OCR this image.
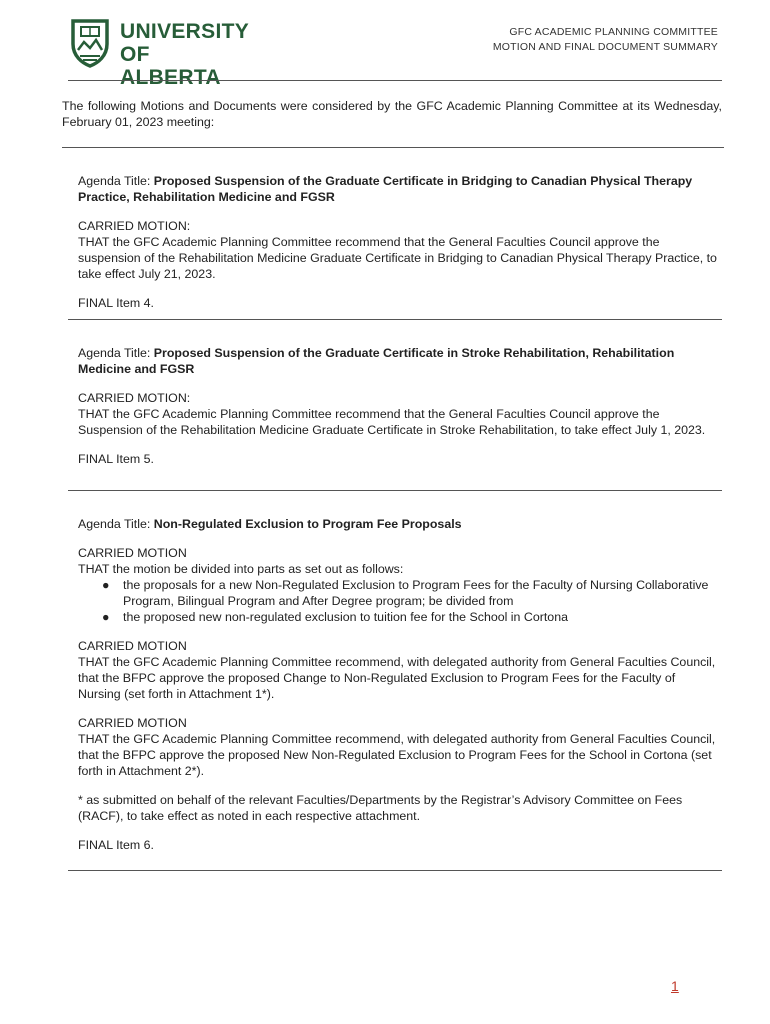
UNIVERSITY
OF ALBERTA
GFC ACADEMIC PLANNING COMMITTEE
MOTION AND FINAL DOCUMENT SUMMARY
The following Motions and Documents were considered by the GFC Academic Planning Committee at its Wednesday, February 01, 2023 meeting:

Agenda Title: Proposed Suspension of the Graduate Certificate in Bridging to Canadian Physical Therapy Practice, Rehabilitation Medicine and FGSR

CARRIED MOTION:

THAT the GFC Academic Planning Committee recommend that the General Faculties Council approve the suspension of the Rehabilitation Medicine Graduate Certificate in Bridging to Canadian Physical Therapy Practice, to take effect July 21, 2023.

FINAL Item 4.

Agenda Title: Proposed Suspension of the Graduate Certificate in Stroke Rehabilitation, Rehabilitation Medicine and FGSR

CARRIED MOTION:

THAT the GFC Academic Planning Committee recommend that the General Faculties Council approve the Suspension of the Rehabilitation Medicine Graduate Certificate in Stroke Rehabilitation, to take effect July 1, 2023.

FINAL Item 5.

Agenda Title: Non-Regulated Exclusion to Program Fee Proposals

CARRIED MOTION

THAT the motion be divided into parts as set out as follows:

● the proposals for a new Non-Regulated Exclusion to Program Fees for the Faculty of Nursing Collaborative Program, Bilingual Program and After Degree program; be divided from
● the proposed new non-regulated exclusion to tuition fee for the School in Cortona

CARRIED MOTION

THAT the GFC Academic Planning Committee recommend, with delegated authority from General Faculties Council, that the BFPC approve the proposed Change to Non-Regulated Exclusion to Program Fees for the Faculty of Nursing (set forth in Attachment 1*).

CARRIED MOTION

THAT the GFC Academic Planning Committee recommend, with delegated authority from General Faculties Council, that the BFPC approve the proposed New Non-Regulated Exclusion to Program Fees for the School in Cortona (set forth in Attachment 2*).

* as submitted on behalf of the relevant Faculties/Departments by the Registrar’s Advisory Committee on Fees (RACF), to take effect as noted in each respective attachment.

FINAL Item 6.

1
